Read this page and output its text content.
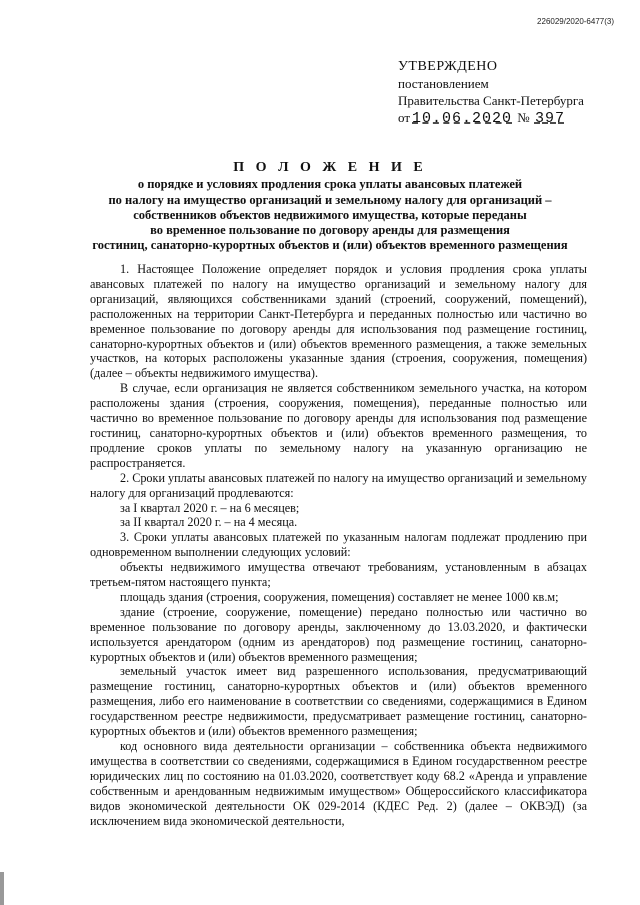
226029/2020-6477(3)
УТВЕРЖДЕНО
постановлением
Правительства Санкт-Петербурга
от 10.06.2020 № 397
П О Л О Ж Е Н И Е
о порядке и условиях продления срока уплаты авансовых платежей
по налогу на имущество организаций и земельному налогу для организаций –
собственников объектов недвижимого имущества, которые переданы
во временное пользование по договору аренды для размещения
гостиниц, санаторно-курортных объектов и (или) объектов временного размещения

1. Настоящее Положение определяет порядок и условия продления срока уплаты авансовых платежей по налогу на имущество организаций и земельному налогу для организаций, являющихся собственниками зданий (строений, сооружений, помещений), расположенных на территории Санкт-Петербурга и переданных полностью или частично во временное пользование по договору аренды для использования под размещение гостиниц, санаторно-курортных объектов и (или) объектов временного размещения, а также земельных участков, на которых расположены указанные здания (строения, сооружения, помещения) (далее – объекты недвижимого имущества).

В случае, если организация не является собственником земельного участка, на котором расположены здания (строения, сооружения, помещения), переданные полностью или частично во временное пользование по договору аренды для использования под размещение гостиниц, санаторно-курортных объектов и (или) объектов временного размещения, то продление сроков уплаты по земельному налогу на указанную организацию не распространяется.

2. Сроки уплаты авансовых платежей по налогу на имущество организаций и земельному налогу для организаций продлеваются:

за I квартал 2020 г. – на 6 месяцев;

за II квартал 2020 г. – на 4 месяца.

3. Сроки уплаты авансовых платежей по указанным налогам подлежат продлению при одновременном выполнении следующих условий:

объекты недвижимого имущества отвечают требованиям, установленным в абзацах третьем-пятом настоящего пункта;

площадь здания (строения, сооружения, помещения) составляет не менее 1000 кв.м;

здание (строение, сооружение, помещение) передано полностью или частично во временное пользование по договору аренды, заключенному до 13.03.2020, и фактически используется арендатором (одним из арендаторов) под размещение гостиниц, санаторно-курортных объектов и (или) объектов временного размещения;

земельный участок имеет вид разрешенного использования, предусматривающий размещение гостиниц, санаторно-курортных объектов и (или) объектов временного размещения, либо его наименование в соответствии со сведениями, содержащимися в Едином государственном реестре недвижимости, предусматривает размещение гостиниц, санаторно-курортных объектов и (или) объектов временного размещения;

код основного вида деятельности организации – собственника объекта недвижимого имущества в соответствии со сведениями, содержащимися в Едином государственном реестре юридических лиц по состоянию на 01.03.2020, соответствует коду 68.2 «Аренда и управление собственным и арендованным недвижимым имуществом» Общероссийского классификатора видов экономической деятельности ОК 029-2014 (КДЕС Ред. 2) (далее – ОКВЭД) (за исключением вида экономической деятельности,
